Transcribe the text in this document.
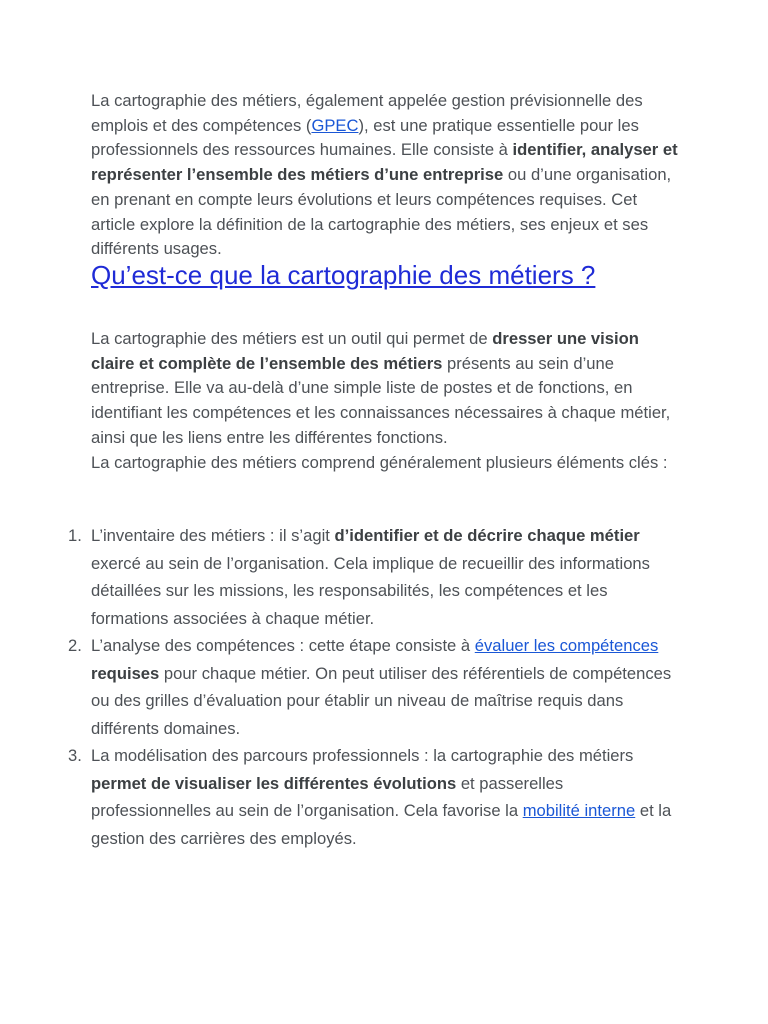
La cartographie des métiers, également appelée gestion prévisionnelle des emplois et des compétences (GPEC), est une pratique essentielle pour les professionnels des ressources humaines. Elle consiste à identifier, analyser et représenter l’ensemble des métiers d’une entreprise ou d’une organisation, en prenant en compte leurs évolutions et leurs compétences requises. Cet article explore la définition de la cartographie des métiers, ses enjeux et ses différents usages.

Qu’est-ce que la cartographie des métiers ?

La cartographie des métiers est un outil qui permet de dresser une vision claire et complète de l’ensemble des métiers présents au sein d’une entreprise. Elle va au-delà d’une simple liste de postes et de fonctions, en identifiant les compétences et les connaissances nécessaires à chaque métier, ainsi que les liens entre les différentes fonctions.

La cartographie des métiers comprend généralement plusieurs éléments clés :

1. L’inventaire des métiers : il s’agit d’identifier et de décrire chaque métier exercé au sein de l’organisation. Cela implique de recueillir des informations détaillées sur les missions, les responsabilités, les compétences et les formations associées à chaque métier.
2. L’analyse des compétences : cette étape consiste à évaluer les compétences requises pour chaque métier. On peut utiliser des référentiels de compétences ou des grilles d’évaluation pour établir un niveau de maîtrise requis dans différents domaines.
3. La modélisation des parcours professionnels : la cartographie des métiers permet de visualiser les différentes évolutions et passerelles professionnelles au sein de l’organisation. Cela favorise la mobilité interne et la gestion des carrières des employés.
